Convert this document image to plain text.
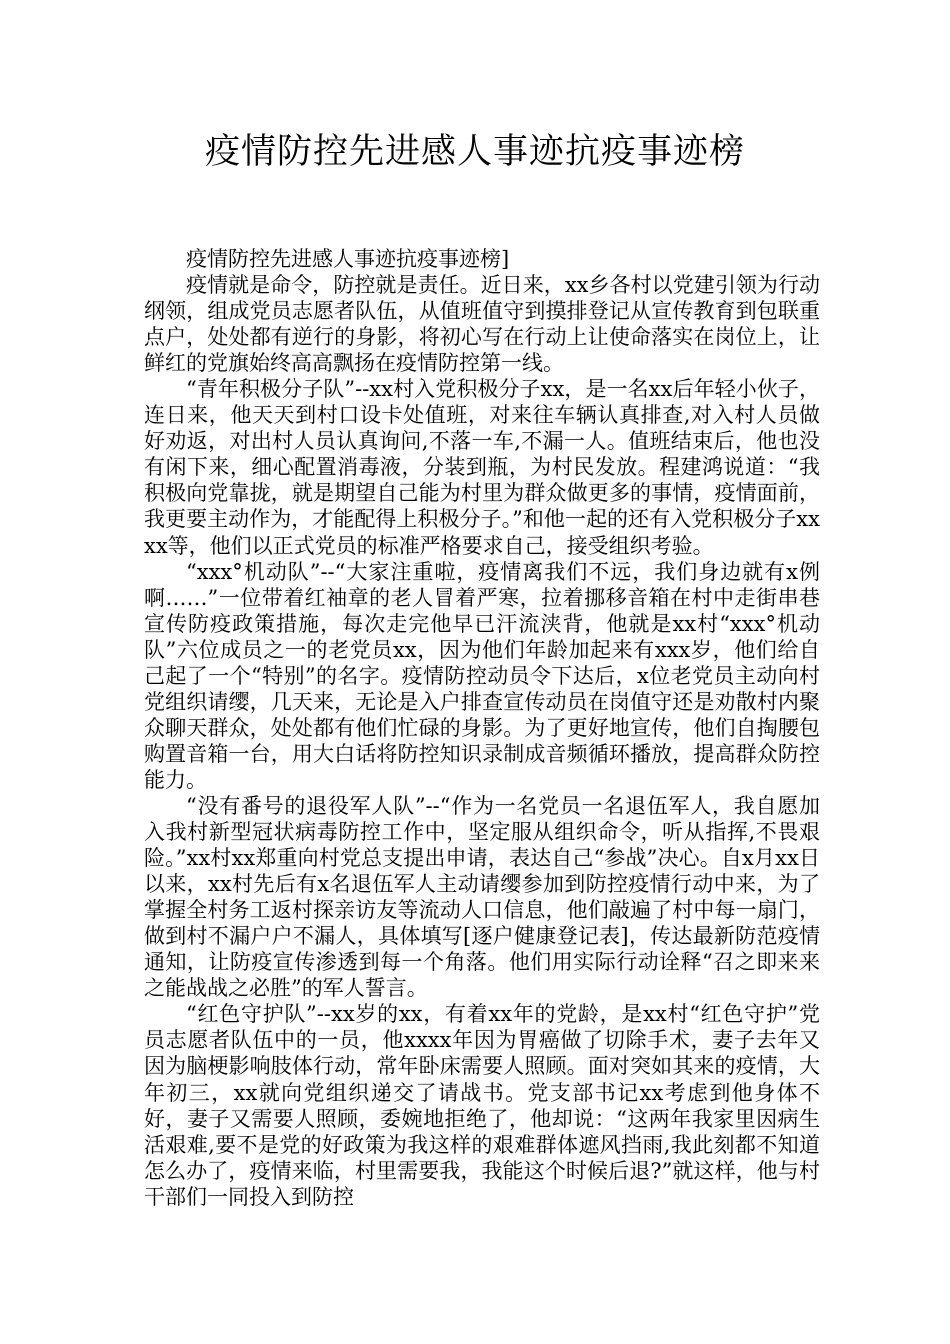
疫情防控先进感人事迹抗疫事迹榜

疫情防控先进感人事迹抗疫事迹榜]

疫情就是命令，防控就是责任。近日来，xx乡各村以党建引领为行动纲领，组成党员志愿者队伍，从值班值守到摸排登记从宣传教育到包联重点户，处处都有逆行的身影，将初心写在行动上让使命落实在岗位上，让鲜红的党旗始终高高飘扬在疫情防控第一线。

“青年积极分子队”--xx村入党积极分子xx，是一名xx后年轻小伙子，连日来，他天天到村口设卡处值班，对来往车辆认真排查,对入村人员做好劝返，对出村人员认真询问,不落一车,不漏一人。值班结束后，他也没有闲下来，细心配置消毒液，分装到瓶，为村民发放。程建鸿说道：“我积极向党靠拢，就是期望自己能为村里为群众做更多的事情，疫情面前，我更要主动作为，才能配得上积极分子。”和他一起的还有入党积极分子xxxx等，他们以正式党员的标准严格要求自己，接受组织考验。

“xxx°机动队”--“大家注重啦，疫情离我们不远，我们身边就有x例啊……”一位带着红袖章的老人冒着严寒，拉着挪移音箱在村中走街串巷宣传防疫政策措施，每次走完他早已汗流浃背，他就是xx村“xxx°机动队”六位成员之一的老党员xx，因为他们年龄加起来有xxx岁，他们给自己起了一个“特别”的名字。疫情防控动员令下达后，x位老党员主动向村党组织请缨，几天来，无论是入户排查宣传动员在岗值守还是劝散村内聚众聊天群众，处处都有他们忙碌的身影。为了更好地宣传，他们自掏腰包购置音箱一台，用大白话将防控知识录制成音频循环播放，提高群众防控能力。

“没有番号的退役军人队”--“作为一名党员一名退伍军人，我自愿加入我村新型冠状病毒防控工作中，坚定服从组织命令，听从指挥,不畏艰险。”xx村xx郑重向村党总支提出申请，表达自己“参战”决心。自x月xx日以来，xx村先后有x名退伍军人主动请缨参加到防控疫情行动中来，为了掌握全村务工返村探亲访友等流动人口信息，他们敲遍了村中每一扇门，做到村不漏户户不漏人，具体填写[逐户健康登记表]，传达最新防范疫情通知，让防疫宣传渗透到每一个角落。他们用实际行动诠释“召之即来来之能战战之必胜”的军人誓言。

“红色守护队”--xx岁的xx，有着xx年的党龄，是xx村“红色守护”党员志愿者队伍中的一员，他xxxx年因为胃癌做了切除手术，妻子去年又因为脑梗影响肢体行动，常年卧床需要人照顾。面对突如其来的疫情，大年初三，xx就向党组织递交了请战书。党支部书记xx考虑到他身体不好，妻子又需要人照顾，委婉地拒绝了，他却说：“这两年我家里因病生活艰难,要不是党的好政策为我这样的艰难群体遮风挡雨,我此刻都不知道怎么办了，疫情来临，村里需要我，我能这个时候后退?”就这样，他与村干部们一同投入到防控
